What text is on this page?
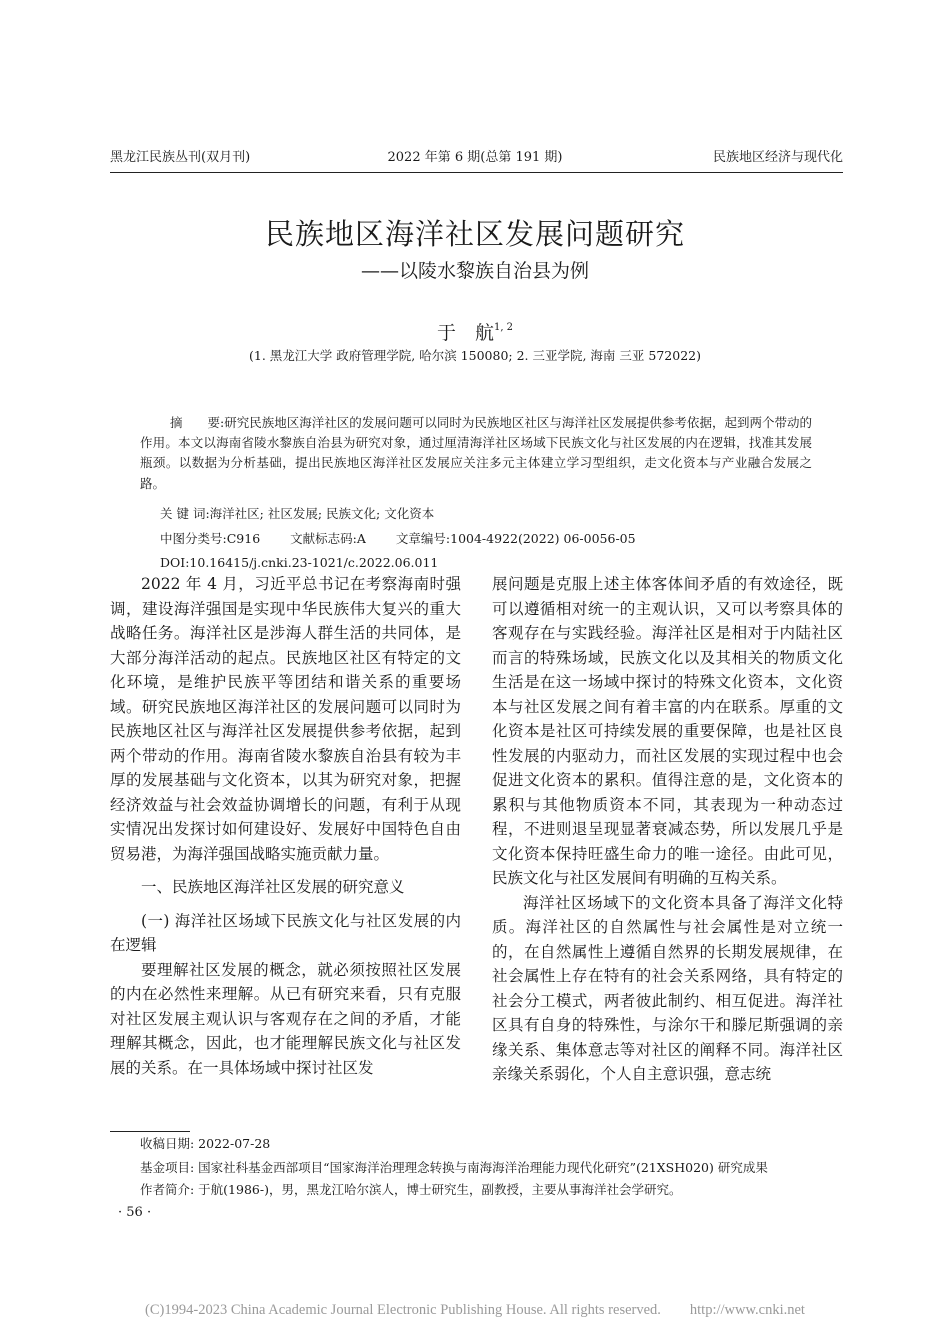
黑龙江民族丛刊(双月刊)	2022 年第 6 期(总第 191 期)	民族地区经济与现代化
民族地区海洋社区发展问题研究
——以陵水黎族自治县为例
于　航$^{1, 2}$
(1. 黑龙江大学 政府管理学院, 哈尔滨 150080; 2. 三亚学院, 海南 三亚 572022)
摘　　要:研究民族地区海洋社区的发展问题可以同时为民族地区社区与海洋社区发展提供参考依据，起到两个带动的作用。本文以海南省陵水黎族自治县为研究对象，通过厘清海洋社区场域下民族文化与社区发展的内在逻辑，找准其发展瓶颈。以数据为分析基础，提出民族地区海洋社区发展应关注多元主体建立学习型组织，走文化资本与产业融合发展之路。
关 键 词:海洋社区; 社区发展; 民族文化; 文化资本
中图分类号:C916 文献标志码:A 文章编号:1004-4922(2022) 06-0056-05
DOI:10.16415/j.cnki.23-1021/c.2022.06.011

2022 年 4 月，习近平总书记在考察海南时强调，建设海洋强国是实现中华民族伟大复兴的重大战略任务。海洋社区是涉海人群生活的共同体，是大部分海洋活动的起点。民族地区社区有特定的文化环境，是维护民族平等团结和谐关系的重要场域。研究民族地区海洋社区的发展问题可以同时为民族地区社区与海洋社区发展提供参考依据，起到两个带动的作用。海南省陵水黎族自治县有较为丰厚的发展基础与文化资本，以其为研究对象，把握经济效益与社会效益协调增长的问题，有利于从现实情况出发探讨如何建设好、发展好中国特色自由贸易港，为海洋强国战略实施贡献力量。

一、民族地区海洋社区发展的研究意义

(一) 海洋社区场域下民族文化与社区发展的内在逻辑

要理解社区发展的概念，就必须按照社区发展的内在必然性来理解。从已有研究来看，只有克服对社区发展主观认识与客观存在之间的矛盾，才能理解其概念，因此，也才能理解民族文化与社区发展的关系。在一具体场域中探讨社区发

展问题是克服上述主体客体间矛盾的有效途径，既可以遵循相对统一的主观认识，又可以考察具体的客观存在与实践经验。海洋社区是相对于内陆社区而言的特殊场域，民族文化以及其相关的物质文化生活是在这一场域中探讨的特殊文化资本，文化资本与社区发展之间有着丰富的内在联系。厚重的文化资本是社区可持续发展的重要保障，也是社区良性发展的内驱动力，而社区发展的实现过程中也会促进文化资本的累积。值得注意的是，文化资本的累积与其他物质资本不同，其表现为一种动态过程，不进则退呈现显著衰减态势，所以发展几乎是文化资本保持旺盛生命力的唯一途径。由此可见，民族文化与社区发展间有明确的互构关系。

海洋社区场域下的文化资本具备了海洋文化特质。海洋社区的自然属性与社会属性是对立统一的，在自然属性上遵循自然界的长期发展规律，在社会属性上存在特有的社会关系网络，具有特定的社会分工模式，两者彼此制约、相互促进。海洋社区具有自身的特殊性，与涂尔干和滕尼斯强调的亲缘关系、集体意志等对社区的阐释不同。海洋社区亲缘关系弱化，个人自主意识强，意志统

收稿日期: 2022-07-28
基金项目: 国家社科基金西部项目“国家海洋治理理念转换与南海海洋治理能力现代化研究”(21XSH020) 研究成果
作者简介: 于航(1986-)，男，黑龙江哈尔滨人，博士研究生，副教授，主要从事海洋社会学研究。
· 56 ·
(C)1994-2023 China Academic Journal Electronic Publishing House. All rights reserved.　　http://www.cnki.net
